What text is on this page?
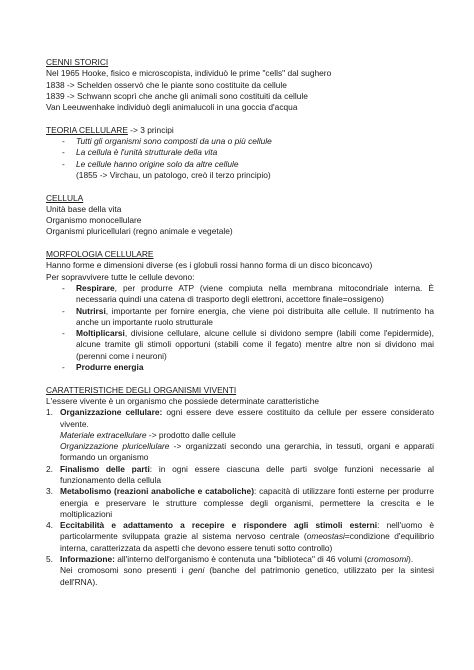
CENNI STORICI
Nel 1965 Hooke, fisico e microscopista, individuò le prime "cells" dal sughero
1838 -> Schelden osservò che le piante sono costituite da cellule
1839 -> Schwann scoprì che anche gli animali sono costituiti da cellule
Van Leeuwenhake individuò degli animalucoli in una goccia d'acqua
TEORIA CELLULARE -> 3 principi
-	Tutti gli organismi sono composti da una o più cellule
-	La cellula è l'unità strutturale della vita
-	Le cellule hanno origine solo da altre cellule
(1855 -> Virchau, un patologo, creò il terzo principio)
CELLULA
Unità base della vita
Organismo monocellulare
Organismi pluricellulari (regno animale e vegetale)
MORFOLOGIA CELLULARE
Hanno forme e dimensioni diverse (es i globuli rossi hanno forma di un disco biconcavo)
Per sopravvivere tutte le cellule devono:
-	Respirare, per produrre ATP (viene compiuta nella membrana mitocondriale interna. È necessaria quindi una catena di trasporto degli elettroni, accettore finale=ossigeno)
-	Nutrirsi, importante per fornire energia, che viene poi distribuita alle cellule. Il nutrimento ha anche un importante ruolo strutturale
-	Moltiplicarsi, divisione cellulare, alcune cellule si dividono sempre (labili come l'epidermide), alcune tramite gli stimoli opportuni (stabili come il fegato) mentre altre non si dividono mai (perenni come i neuroni)
-	Produrre energia
CARATTERISTICHE DEGLI ORGANISMI VIVENTI
L'essere vivente è un organismo che possiede determinate caratteristiche
1. Organizzazione cellulare: ogni essere deve essere costituito da cellule per essere considerato vivente.
Materiale extracellulare -> prodotto dalle cellule
Organizzazione pluricellulare -> organizzati secondo una gerarchia, in tessuti, organi e apparati formando un organismo
2. Finalismo delle parti: in ogni essere ciascuna delle parti svolge funzioni necessarie al funzionamento della cellula
3. Metabolismo (reazioni anaboliche e cataboliche): capacità di utilizzare fonti esterne per produrre energia e preservare le strutture complesse degli organismi, permettere la crescita e le moltiplicazioni
4. Eccitabilità e adattamento a recepire e rispondere agli stimoli esterni: nell'uomo è particolarmente sviluppata grazie al sistema nervoso centrale (omeostasi=condizione d'equilibrio interna, caratterizzata da aspetti che devono essere tenuti sotto controllo)
5. Informazione: all'interno dell'organismo è contenuta una "biblioteca" di 46 volumi (cromosomi).
Nei cromosomi sono presenti i geni (banche del patrimonio genetico, utilizzato per la sintesi dell'RNA).
